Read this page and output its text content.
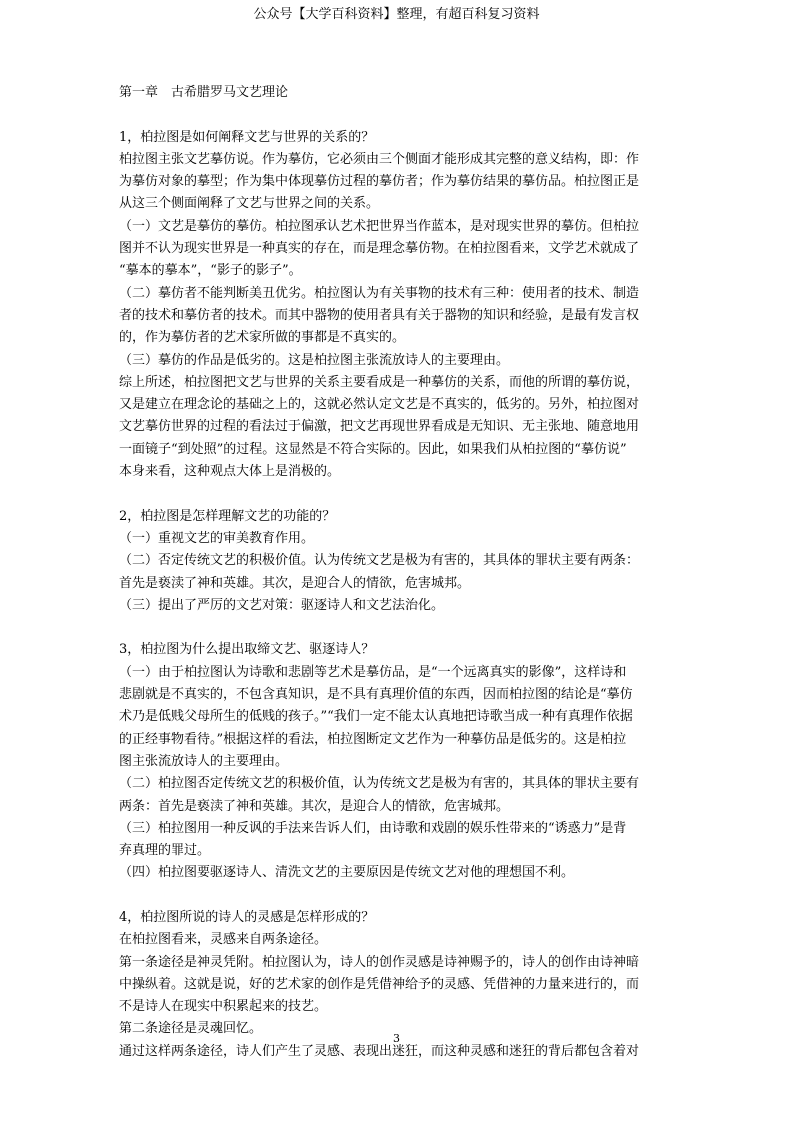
公众号【大学百科资料】整理，有超百科复习资料

第一章　古希腊罗马文艺理论

1，柏拉图是如何阐释文艺与世界的关系的？

柏拉图主张文艺摹仿说。作为摹仿，它必须由三个侧面才能形成其完整的意义结构，即：作

为摹仿对象的摹型；作为集中体现摹仿过程的摹仿者；作为摹仿结果的摹仿品。柏拉图正是

从这三个侧面阐释了文艺与世界之间的关系。

（一）文艺是摹仿的摹仿。柏拉图承认艺术把世界当作蓝本，是对现实世界的摹仿。但柏拉

图并不认为现实世界是一种真实的存在，而是理念摹仿物。在柏拉图看来，文学艺术就成了

“摹本的摹本”，“影子的影子”。

（二）摹仿者不能判断美丑优劣。柏拉图认为有关事物的技术有三种：使用者的技术、制造

者的技术和摹仿者的技术。而其中器物的使用者具有关于器物的知识和经验，是最有发言权

的，作为摹仿者的艺术家所做的事都是不真实的。

（三）摹仿的作品是低劣的。这是柏拉图主张流放诗人的主要理由。

综上所述，柏拉图把文艺与世界的关系主要看成是一种摹仿的关系，而他的所谓的摹仿说，

又是建立在理念论的基础之上的，这就必然认定文艺是不真实的，低劣的。另外，柏拉图对

文艺摹仿世界的过程的看法过于偏激，把文艺再现世界看成是无知识、无主张地、随意地用

一面镜子“到处照”的过程。这显然是不符合实际的。因此，如果我们从柏拉图的“摹仿说”

本身来看，这种观点大体上是消极的。

2，柏拉图是怎样理解文艺的功能的？

（一）重视文艺的审美教育作用。

（二）否定传统文艺的积极价值。认为传统文艺是极为有害的，其具体的罪状主要有两条：

首先是亵渎了神和英雄。其次，是迎合人的情欲，危害城邦。

（三）提出了严厉的文艺对策：驱逐诗人和文艺法治化。

3，柏拉图为什么提出取缔文艺、驱逐诗人？

（一）由于柏拉图认为诗歌和悲剧等艺术是摹仿品，是“一个远离真实的影像”，这样诗和

悲剧就是不真实的，不包含真知识，是不具有真理价值的东西，因而柏拉图的结论是“摹仿

术乃是低贱父母所生的低贱的孩子。”“我们一定不能太认真地把诗歌当成一种有真理作依据

的正经事物看待。”根据这样的看法，柏拉图断定文艺作为一种摹仿品是低劣的。这是柏拉

图主张流放诗人的主要理由。

（二）柏拉图否定传统文艺的积极价值，认为传统文艺是极为有害的，其具体的罪状主要有

两条：首先是亵渎了神和英雄。其次，是迎合人的情欲，危害城邦。

（三）柏拉图用一种反讽的手法来告诉人们，由诗歌和戏剧的娱乐性带来的“诱惑力”是背

弃真理的罪过。

（四）柏拉图要驱逐诗人、清洗文艺的主要原因是传统文艺对他的理想国不利。

4，柏拉图所说的诗人的灵感是怎样形成的？

在柏拉图看来，灵感来自两条途径。

第一条途径是神灵凭附。柏拉图认为，诗人的创作灵感是诗神赐予的，诗人的创作由诗神暗

中操纵着。这就是说，好的艺术家的创作是凭借神给予的灵感、凭借神的力量来进行的，而

不是诗人在现实中积累起来的技艺。

第二条途径是灵魂回忆。

通过这样两条途径，诗人们产生了灵感、表现出迷狂，而这种灵感和迷狂的背后都包含着对

3
